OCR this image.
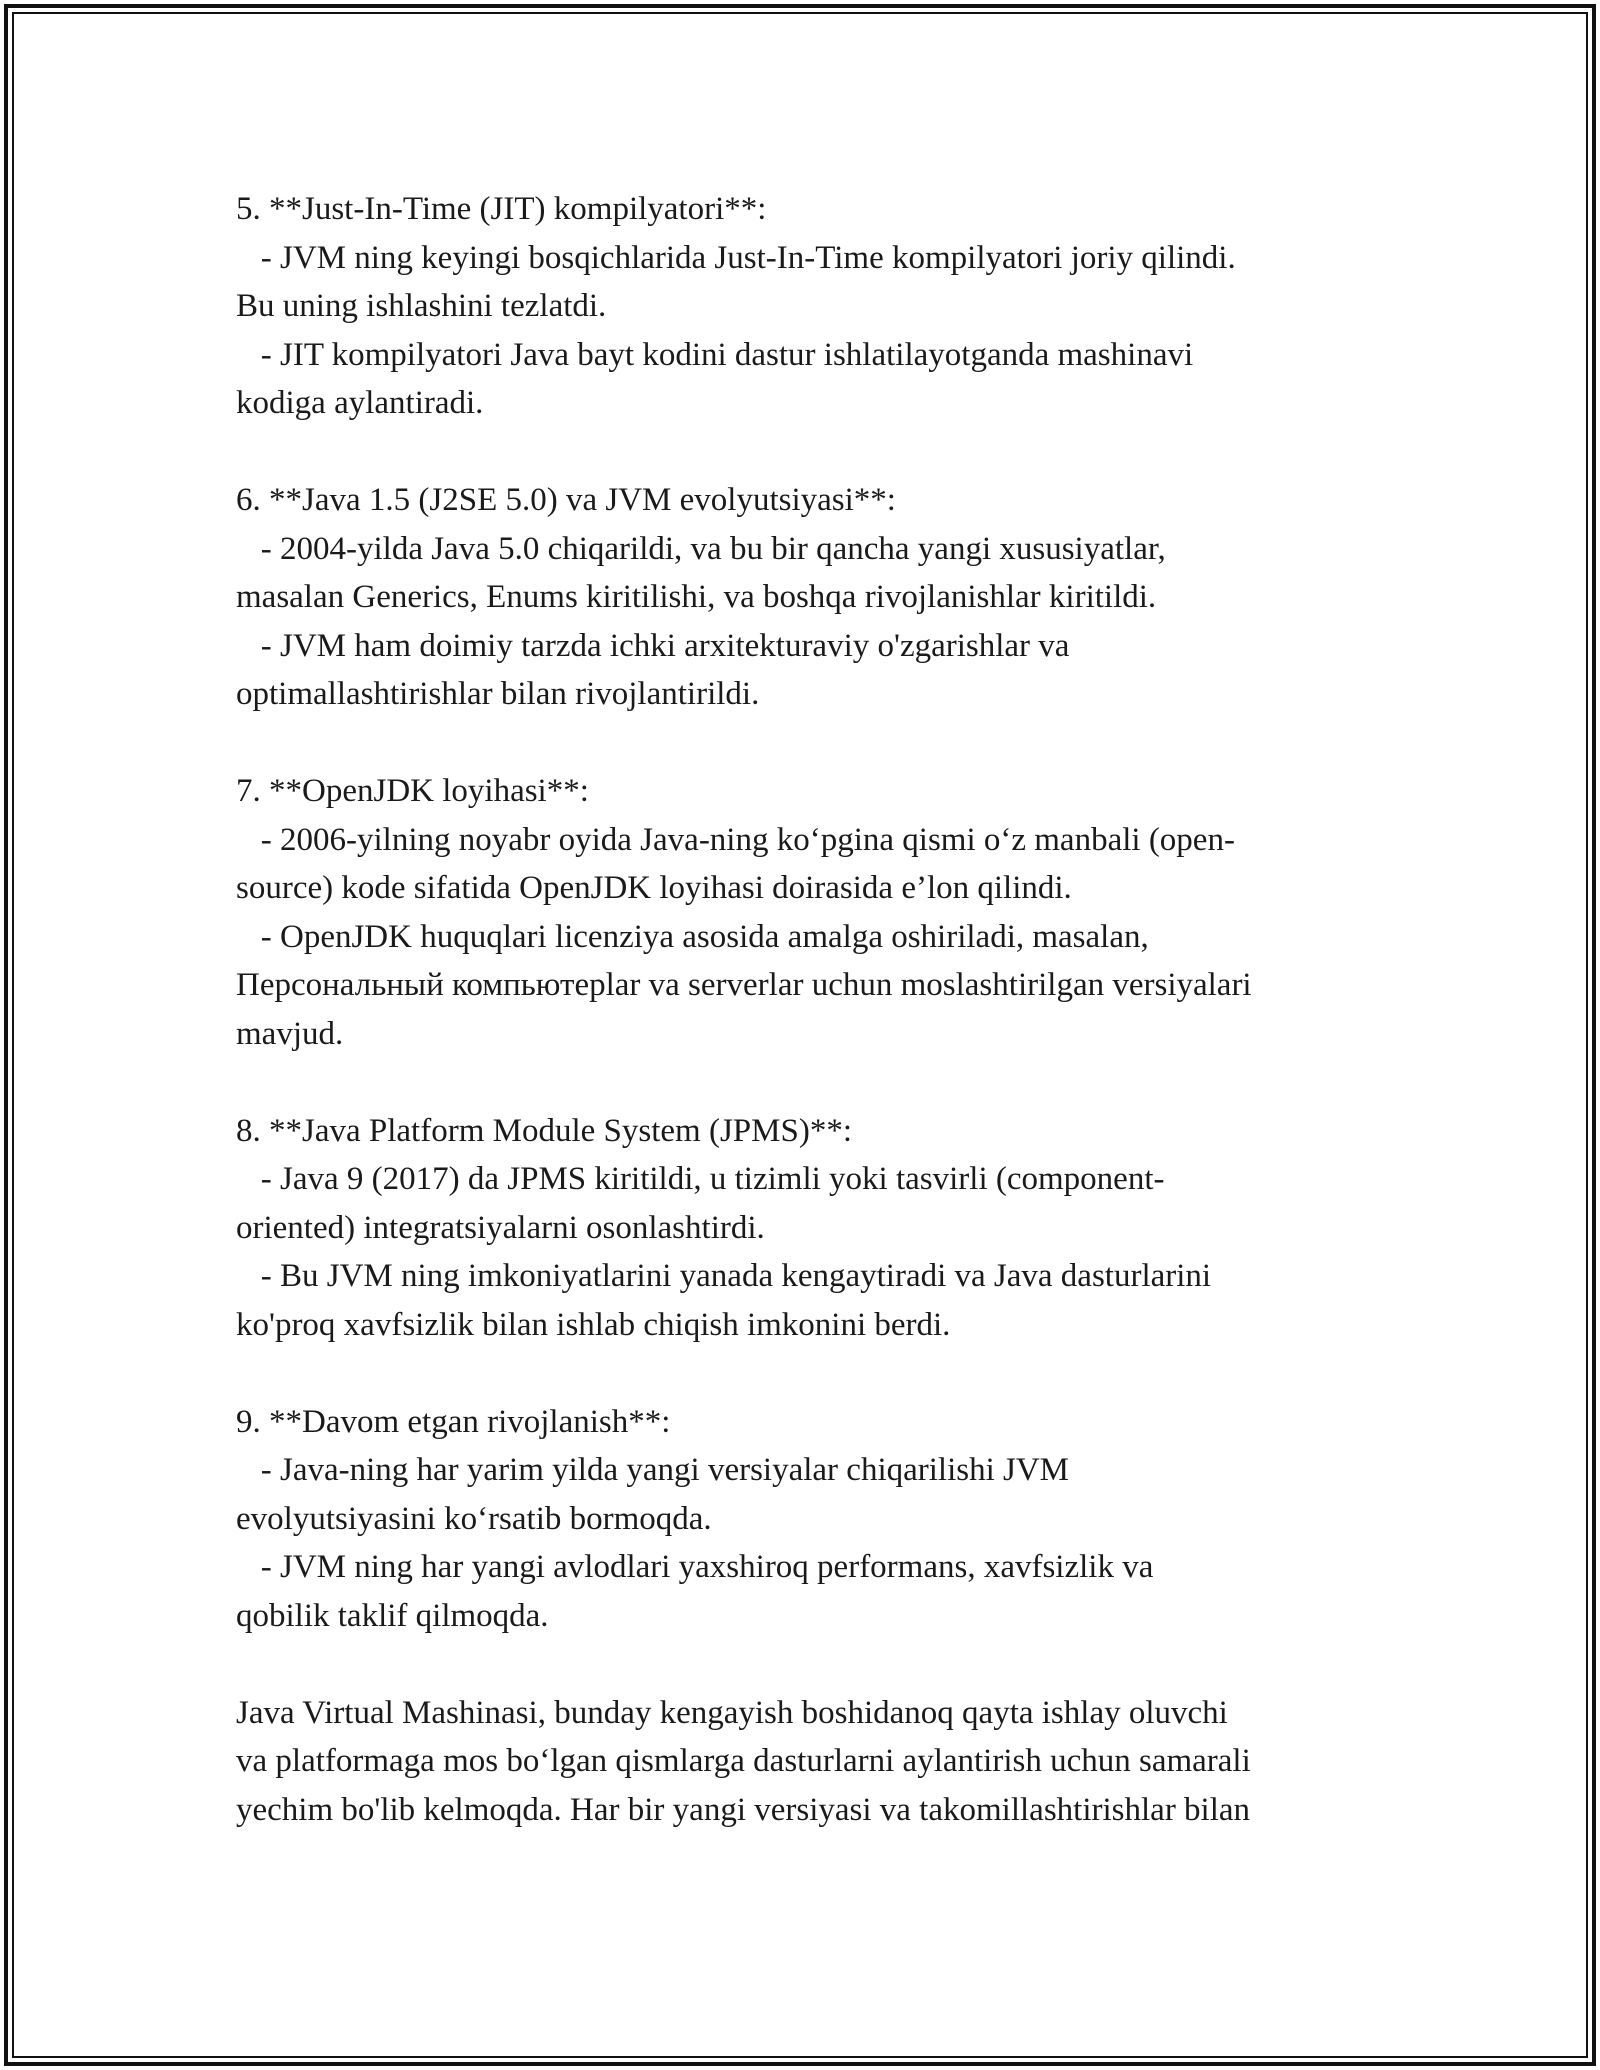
5. **Just-In-Time (JIT) kompilyatori**:
- JVM ning keyingi bosqichlarida Just-In-Time kompilyatori joriy qilindi.
Bu uning ishlashini tezlatdi.
- JIT kompilyatori Java bayt kodini dastur ishlatilayotganda mashinavi
kodiga aylantiradi.
6. **Java 1.5 (J2SE 5.0) va JVM evolyutsiyasi**:
- 2004-yilda Java 5.0 chiqarildi, va bu bir qancha yangi xususiyatlar,
masalan Generics, Enums kiritilishi, va boshqa rivojlanishlar kiritildi.
- JVM ham doimiy tarzda ichki arxitekturaviy o'zgarishlar va
optimallashtirishlar bilan rivojlantirildi.
7. **OpenJDK loyihasi**:
- 2006-yilning noyabr oyida Java-ning koʻpgina qismi oʻz manbali (open-
source) kode sifatida OpenJDK loyihasi doirasida e’lon qilindi.
- OpenJDK huquqlari licenziya asosida amalga oshiriladi, masalan,
Персональный компьютерlar va serverlar uchun moslashtirilgan versiyalari
mavjud.
8. **Java Platform Module System (JPMS)**:
- Java 9 (2017) da JPMS kiritildi, u tizimli yoki tasvirli (component-
oriented) integratsiyalarni osonlashtirdi.
- Bu JVM ning imkoniyatlarini yanada kengaytiradi va Java dasturlarini
ko'proq xavfsizlik bilan ishlab chiqish imkonini berdi.
9. **Davom etgan rivojlanish**:
- Java-ning har yarim yilda yangi versiyalar chiqarilishi JVM
evolyutsiyasini koʻrsatib bormoqda.
- JVM ning har yangi avlodlari yaxshiroq performans, xavfsizlik va
qobilik taklif qilmoqda.
Java Virtual Mashinasi, bunday kengayish boshidanoq qayta ishlay oluvchi
va platformaga mos boʻlgan qismlarga dasturlarni aylantirish uchun samarali
yechim bo'lib kelmoqda. Har bir yangi versiyasi va takomillashtirishlar bilan
